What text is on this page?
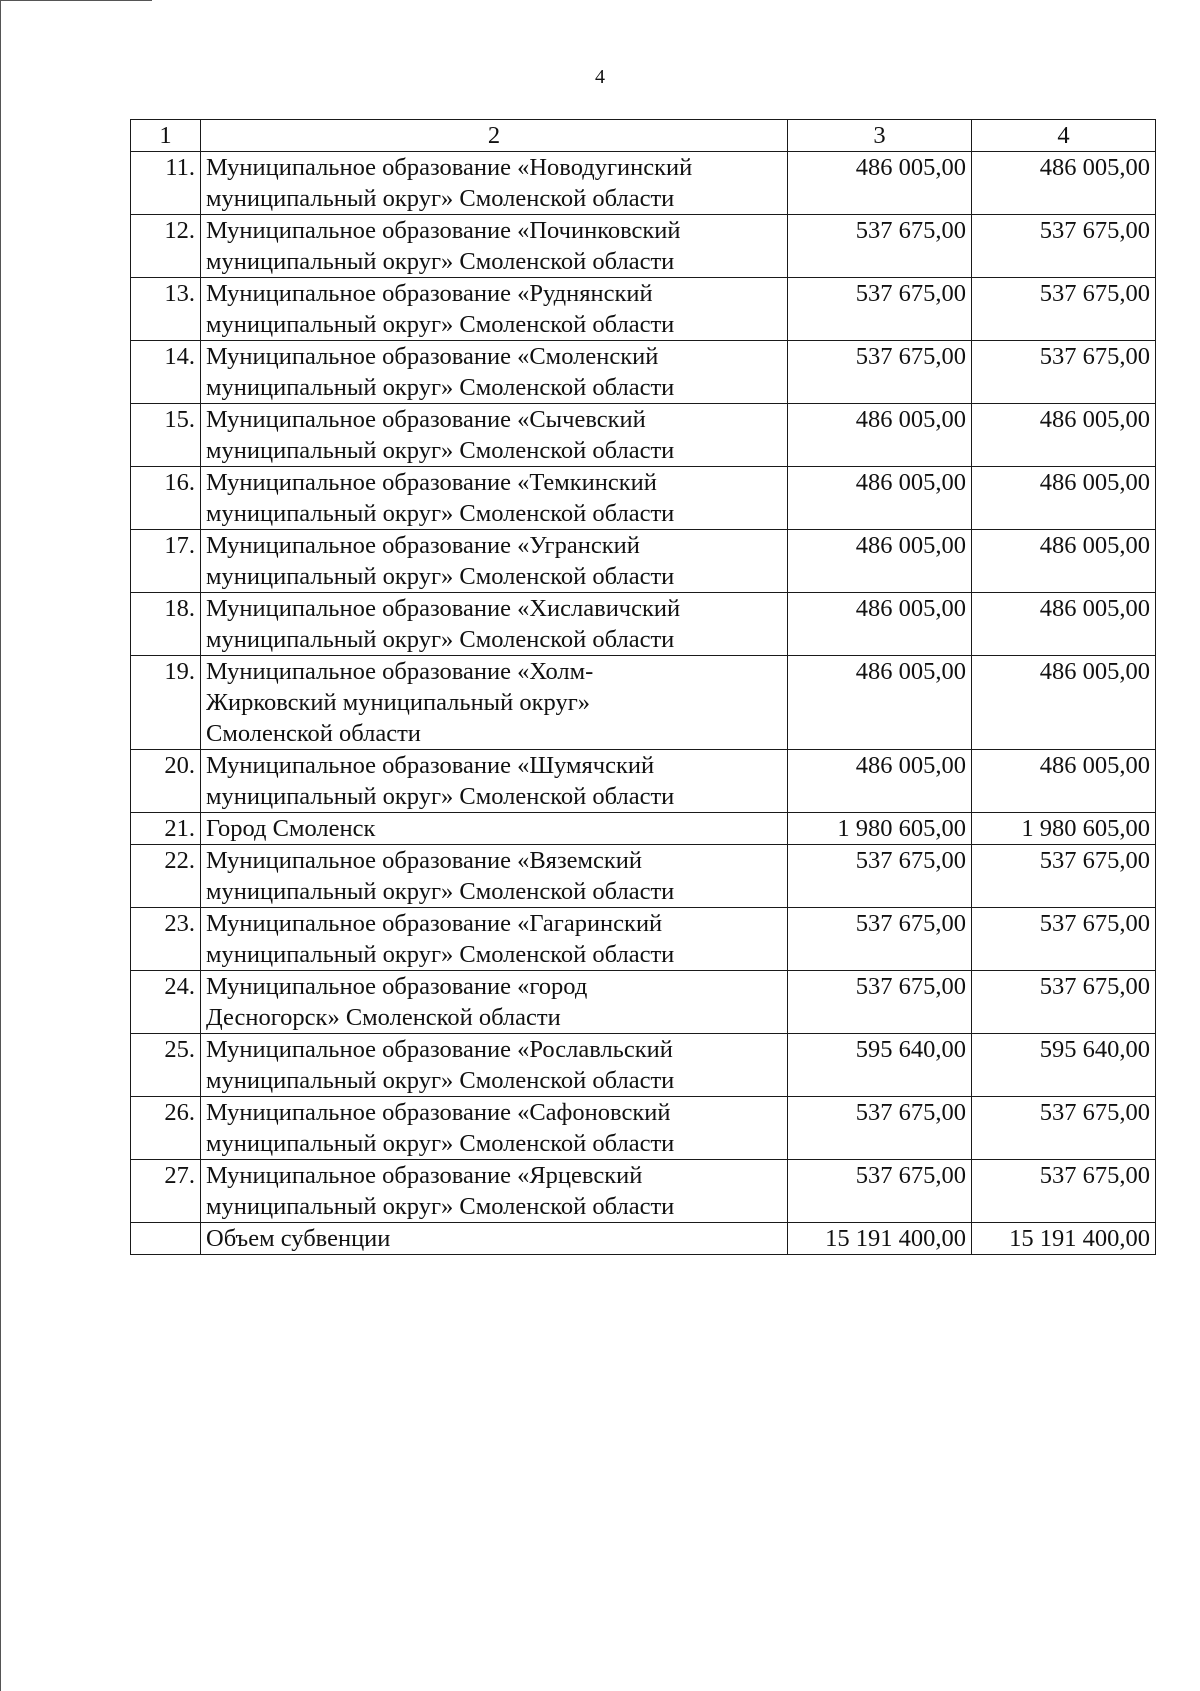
4
1	2	3	4
11.	Муниципальное образование «Новодугинский
муниципальный округ» Смоленской области	486 005,00	486 005,00
12.	Муниципальное образование «Починковский
муниципальный округ» Смоленской области	537 675,00	537 675,00
13.	Муниципальное образование «Руднянский
муниципальный округ» Смоленской области	537 675,00	537 675,00
14.	Муниципальное образование «Смоленский
муниципальный округ» Смоленской области	537 675,00	537 675,00
15.	Муниципальное образование «Сычевский
муниципальный округ» Смоленской области	486 005,00	486 005,00
16.	Муниципальное образование «Темкинский
муниципальный округ» Смоленской области	486 005,00	486 005,00
17.	Муниципальное образование «Угранский
муниципальный округ» Смоленской области	486 005,00	486 005,00
18.	Муниципальное образование «Хиславичский
муниципальный округ» Смоленской области	486 005,00	486 005,00
19.	Муниципальное образование «Холм-
Жирковский муниципальный округ»
Смоленской области	486 005,00	486 005,00
20.	Муниципальное образование «Шумячский
муниципальный округ» Смоленской области	486 005,00	486 005,00
21.	Город Смоленск	1 980 605,00	1 980 605,00
22.	Муниципальное образование «Вяземский
муниципальный округ» Смоленской области	537 675,00	537 675,00
23.	Муниципальное образование «Гагаринский
муниципальный округ» Смоленской области	537 675,00	537 675,00
24.	Муниципальное образование «город
Десногорск» Смоленской области	537 675,00	537 675,00
25.	Муниципальное образование «Рославльский
муниципальный округ» Смоленской области	595 640,00	595 640,00
26.	Муниципальное образование «Сафоновский
муниципальный округ» Смоленской области	537 675,00	537 675,00
27.	Муниципальное образование «Ярцевский
муниципальный округ» Смоленской области	537 675,00	537 675,00

	Объем субвенции	15 191 400,00	15 191 400,00
